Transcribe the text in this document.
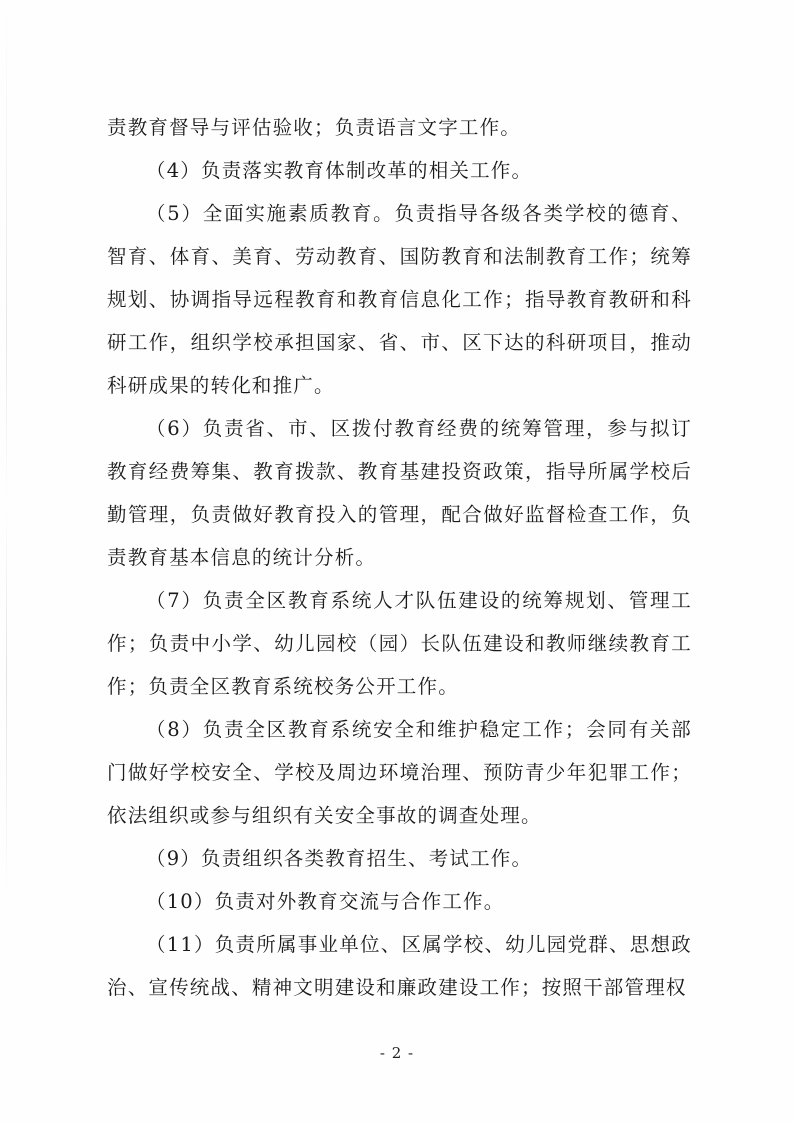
责教育督导与评估验收；负责语言文字工作。

（4）负责落实教育体制改革的相关工作。

（5）全面实施素质教育。负责指导各级各类学校的德育、智育、体育、美育、劳动教育、国防教育和法制教育工作；统筹规划、协调指导远程教育和教育信息化工作；指导教育教研和科研工作，组织学校承担国家、省、市、区下达的科研项目，推动科研成果的转化和推广。

（6）负责省、市、区拨付教育经费的统筹管理，参与拟订教育经费筹集、教育拨款、教育基建投资政策，指导所属学校后勤管理，负责做好教育投入的管理，配合做好监督检查工作，负责教育基本信息的统计分析。

（7）负责全区教育系统人才队伍建设的统筹规划、管理工作；负责中小学、幼儿园校（园）长队伍建设和教师继续教育工作；负责全区教育系统校务公开工作。

（8）负责全区教育系统安全和维护稳定工作；会同有关部门做好学校安全、学校及周边环境治理、预防青少年犯罪工作；依法组织或参与组织有关安全事故的调查处理。

（9）负责组织各类教育招生、考试工作。

（10）负责对外教育交流与合作工作。

（11）负责所属事业单位、区属学校、幼儿园党群、思想政治、宣传统战、精神文明建设和廉政建设工作；按照干部管理权

- 2 -
